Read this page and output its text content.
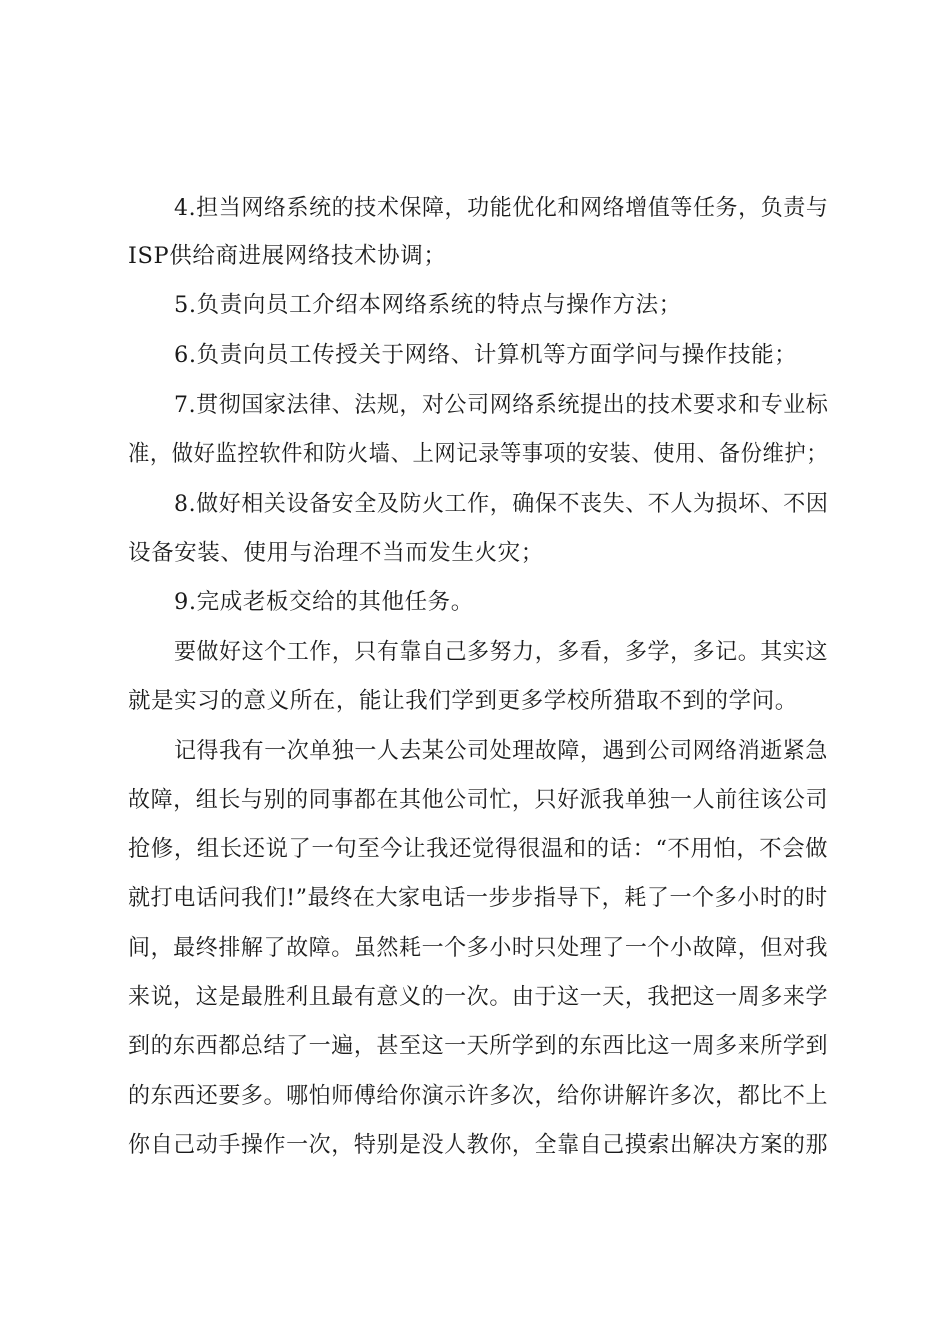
4.担当网络系统的技术保障，功能优化和网络增值等任务，负责与
ISP供给商进展网络技术协调；
5.负责向员工介绍本网络系统的特点与操作方法；
6.负责向员工传授关于网络、计算机等方面学问与操作技能；
7.贯彻国家法律、法规，对公司网络系统提出的技术要求和专业标
准，做好监控软件和防火墙、上网记录等事项的安装、使用、备份维护；
8.做好相关设备安全及防火工作，确保不丧失、不人为损坏、不因
设备安装、使用与治理不当而发生火灾；
9.完成老板交给的其他任务。
要做好这个工作，只有靠自己多努力，多看，多学，多记。其实这
就是实习的意义所在，能让我们学到更多学校所猎取不到的学问。
记得我有一次单独一人去某公司处理故障，遇到公司网络消逝紧急
故障，组长与别的同事都在其他公司忙，只好派我单独一人前往该公司
抢修，组长还说了一句至今让我还觉得很温和的话：“不用怕，不会做
就打电话问我们!”最终在大家电话一步步指导下，耗了一个多小时的时
间，最终排解了故障。虽然耗一个多小时只处理了一个小故障，但对我
来说，这是最胜利且最有意义的一次。由于这一天，我把这一周多来学
到的东西都总结了一遍，甚至这一天所学到的东西比这一周多来所学到
的东西还要多。哪怕师傅给你演示许多次，给你讲解许多次，都比不上
你自己动手操作一次，特别是没人教你，全靠自己摸索出解决方案的那
